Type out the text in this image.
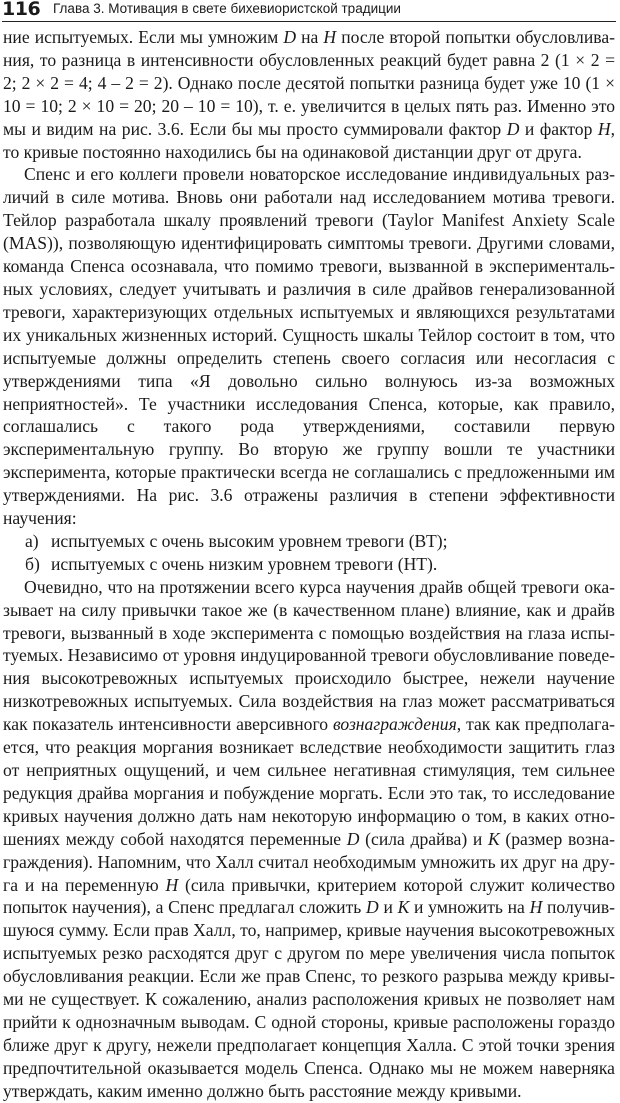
116 Глава 3. Мотивация в свете бихевиористской традиции

ние испытуемых. Если мы умножим D на H после второй попытки обусловливания, то разница в интенсивности обусловленных реакций будет равна 2 (1 × 2 = 2; 2 × 2 = 4; 4 – 2 = 2). Однако после десятой попытки разница будет уже 10 (1 × 10 = 10; 2 × 10 = 20; 20 – 10 = 10), т. е. увеличится в целых пять раз. Именно это мы и видим на рис. 3.6. Если бы мы просто суммировали фактор D и фактор H, то кривые постоянно находились бы на одинаковой дистанции друг от друга.

Спенс и его коллеги провели новаторское исследование индивидуальных различий в силе мотива. Вновь они работали над исследованием мотива тревоги. Тейлор разработала шкалу проявлений тревоги (Taylor Manifest Anxiety Scale (MAS)), позволяющую идентифицировать симптомы тревоги. Другими словами, команда Спенса осознавала, что помимо тревоги, вызванной в экспериментальных условиях, следует учитывать и различия в силе драйвов генерализованной тревоги, характеризующих отдельных испытуемых и являющихся результатами их уникальных жизненных историй. Сущность шкалы Тейлор состоит в том, что испытуемые должны определить степень своего согласия или несогласия с утверждениями типа «Я довольно сильно волнуюсь из-за возможных неприятностей». Те участники исследования Спенса, которые, как правило, соглашались с такого рода утверждениями, составили первую экспериментальную группу. Во вторую же группу вошли те участники эксперимента, которые практически всегда не соглашались с предложенными им утверждениями. На рис. 3.6 отражены различия в степени эффективности научения:

а) испытуемых с очень высоким уровнем тревоги (ВТ);
б) испытуемых с очень низким уровнем тревоги (НТ).

Очевидно, что на протяжении всего курса научения драйв общей тревоги оказывает на силу привычки такое же (в качественном плане) влияние, как и драйв тревоги, вызванный в ходе эксперимента с помощью воздействия на глаза испытуемых. Независимо от уровня индуцированной тревоги обусловливание поведения высокотревожных испытуемых происходило быстрее, нежели научение низкотревожных испытуемых. Сила воздействия на глаз может рассматриваться как показатель интенсивности аверсивного вознаграждения, так как предполагается, что реакция моргания возникает вследствие необходимости защитить глаз от неприятных ощущений, и чем сильнее негативная стимуляция, тем сильнее редукция драйва моргания и побуждение моргать. Если это так, то исследование кривых научения должно дать нам некоторую информацию о том, в каких отношениях между собой находятся переменные D (сила драйва) и K (размер вознаграждения). Напомним, что Халл считал необходимым умножить их друг на друга и на переменную H (сила привычки, критерием которой служит количество попыток научения), а Спенс предлагал сложить D и K и умножить на H получившуюся сумму. Если прав Халл, то, например, кривые научения высокотревожных испытуемых резко расходятся друг с другом по мере увеличения числа попыток обусловливания реакции. Если же прав Спенс, то резкого разрыва между кривыми не существует. К сожалению, анализ расположения кривых не позволяет нам прийти к однозначным выводам. С одной стороны, кривые расположены гораздо ближе друг к другу, нежели предполагает концепция Халла. С этой точки зрения предпочтительной оказывается модель Спенса. Однако мы не можем наверняка утверждать, каким именно должно быть расстояние между кривыми.
